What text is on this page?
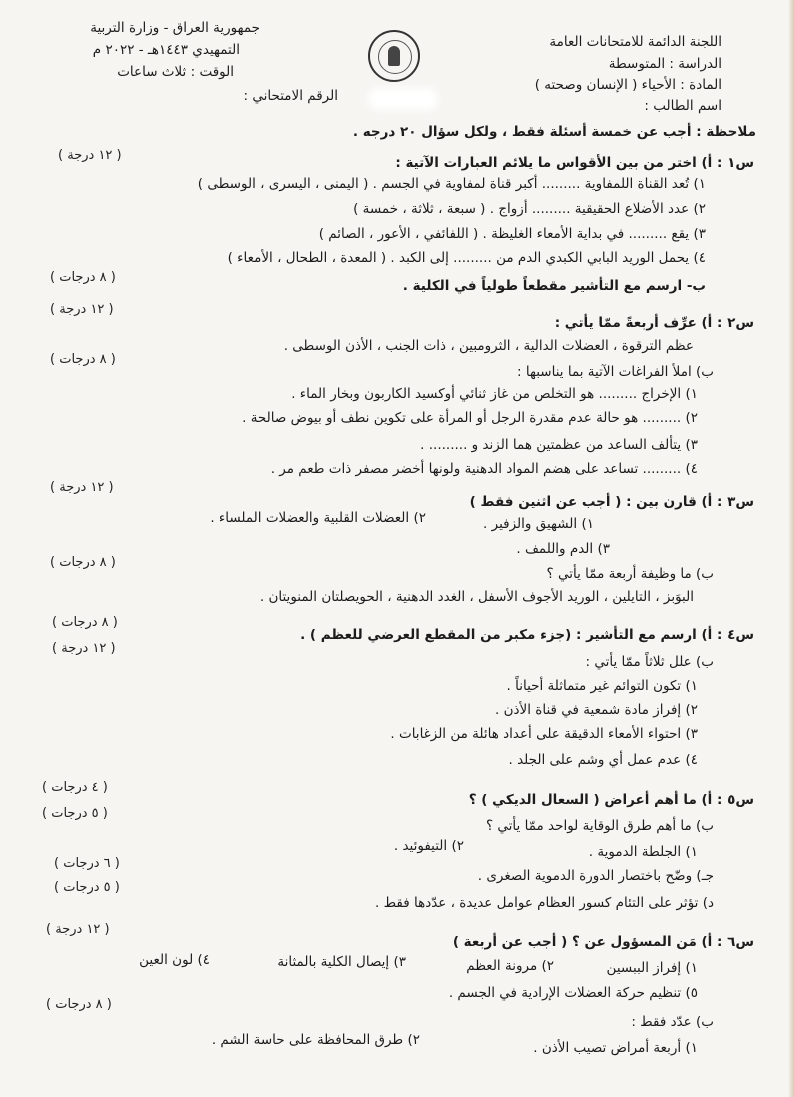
اللجنة الدائمة للامتحانات العامة
الدراسة : المتوسطة
المادة : الأحياء ( الإنسان وصحته )
اسم الطالب :
جمهورية العراق - وزارة التربية
التمهيدي ١٤٤٣هـ - ٢٠٢٢ م
الوقت : ثلاث ساعات
الرقم الامتحاني :
ملاحظة : أجب عن خمسة أسئلة فقط ، ولكل سؤال ٢٠ درجه .
س١ : أ) اختر من بين الأقواس ما يلائم العبارات الآتية :
( ١٢ درجة )
١) تُعد القناة اللمفاوية ......... أكبر قناة لمفاوية في الجسم . ( اليمنى ، اليسرى ، الوسطى )
٢) عدد الأضلاع الحقيقية ......... أزواج . ( سبعة ، ثلاثة ، خمسة )
٣) يقع ......... في بداية الأمعاء الغليظة . ( اللفائفي ، الأعور ، الصائم )
٤) يحمل الوريد البابي الكبدي الدم من ......... إلى الكبد . ( المعدة ، الطحال ، الأمعاء )
( ٨ درجات )
ب- ارسم مع التأشير مقطعاً طولياً في الكلية .
( ١٢ درجة )
س٢ : أ) عرِّف أربعةً ممّا يأتي :
عظم الترقوة ، العضلات الدالية ، الثرومبين ، ذات الجنب ، الأذن الوسطى .
( ٨ درجات )
ب) املأ الفراغات الآتية بما يناسبها :
١) الإخراج ......... هو التخلص من غاز ثنائي أوكسيد الكاربون وبخار الماء .
٢) ......... هو حالة عدم مقدرة الرجل أو المرأة على تكوين نطف أو بيوض صالحة .
٣) يتألف الساعد من عظمتين هما الزند و ......... .
٤) ......... تساعد على هضم المواد الدهنية ولونها أخضر مصفر ذات طعم مر .
( ١٢ درجة )
س٣ : أ) قارن بين : ( أجب عن اثنين فقط )
١) الشهيق والزفير .
٢) العضلات القلبية والعضلات الملساء .
٣) الدم واللمف .
( ٨ درجات )
ب) ما وظيفة أربعة ممّا يأتي ؟
البوَبز ، التايلين ، الوريد الأجوف الأسفل ، الغدد الدهنية ، الحويصلتان المنويتان .
( ٨ درجات )
س٤ : أ) ارسم مع التأشير : (جزء مكبر من المقطع العرضي للعظم ) .
( ١٢ درجة )
ب) علل ثلاثاً ممّا يأتي :
١) تكون التوائم غير متماثلة أحياناً .
٢) إفراز مادة شمعية في قناة الأذن .
٣) احتواء الأمعاء الدقيقة على أعداد هائلة من الزغابات .
٤) عدم عمل أي وشم على الجلد .
( ٤ درجات )
س٥ : أ) ما أهم أعراض ( السعال الديكي ) ؟
( ٥ درجات )
ب) ما أهم طرق الوقاية لواحد ممّا يأتي ؟
١) الجلطة الدموية .
٢) التيفوئيد .
( ٦ درجات )
جـ) وضّح باختصار الدورة الدموية الصغرى .
( ٥ درجات )
د) تؤثر على التئام كسور العظام عوامل عديدة ، عدّدها فقط .
( ١٢ درجة )
س٦ : أ) مَن المسؤول عن ؟ ( أجب عن أربعة )
١) إفراز الببسين
٢) مرونة العظم
٣) إيصال الكلية بالمثانة
٤) لون العين
٥) تنظيم حركة العضلات الإرادية في الجسم .
( ٨ درجات )
ب) عدّد فقط :
١) أربعة أمراض تصيب الأذن .
٢) طرق المحافظة على حاسة الشم .
